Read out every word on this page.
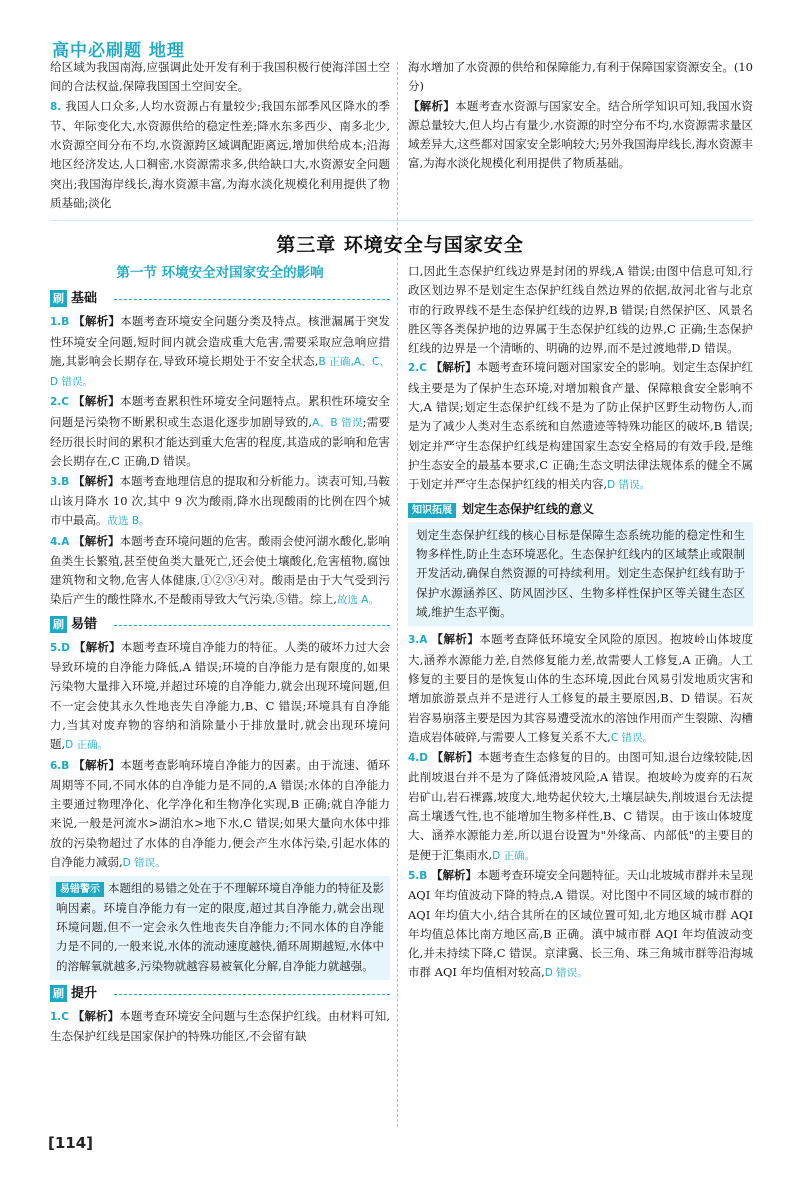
高中必刷题 地理
给区域为我国南海,应强调此处开发有利于我国积极行使海洋国土空间的合法权益,保障我国国土空间安全。
8. 我国人口众多,人均水资源占有量较少;我国东部季风区降水的季节、年际变化大,水资源供给的稳定性差;降水东多西少、南多北少,水资源空间分布不均,水资源跨区域调配距离远,增加供给成本;沿海地区经济发达,人口稠密,水资源需求多,供给缺口大,水资源安全问题突出;我国海岸线长,海水资源丰富,为海水淡化规模化利用提供了物质基础;淡化
海水增加了水资源的供给和保障能力,有利于保障国家资源安全。(10 分)
【解析】本题考查水资源与国家安全。结合所学知识可知,我国水资源总量较大,但人均占有量少,水资源的时空分布不均,水资源需求量区域差异大,这些都对国家安全影响较大;另外我国海岸线长,海水资源丰富,为海水淡化规模化利用提供了物质基础。
第三章 环境安全与国家安全
第一节 环境安全对国家安全的影响
刷 基础
1.B 【解析】本题考查环境安全问题分类及特点。核泄漏属于突发性环境安全问题,短时间内就会造成重大危害,需要采取应急响应措施,其影响会长期存在,导致环境长期处于不安全状态,B 正确,A、C、D 错误。
2.C 【解析】本题考查累积性环境安全问题特点。累积性环境安全问题是污染物不断累积或生态退化逐步加剧导致的,A、B 错误;需要经历很长时间的累积才能达到重大危害的程度,其造成的影响和危害会长期存在,C 正确,D 错误。
3.B 【解析】本题考查地理信息的提取和分析能力。读表可知,马鞍山该月降水 10 次,其中 9 次为酸雨,降水出现酸雨的比例在四个城市中最高。故选 B。
4.A 【解析】本题考查环境问题的危害。酸雨会使河湖水酸化,影响鱼类生长繁殖,甚至使鱼类大量死亡,还会使土壤酸化,危害植物,腐蚀建筑物和文物,危害人体健康,①②③④对。酸雨是由于大气受到污染后产生的酸性降水,不是酸雨导致大气污染,⑤错。综上,故选 A。
刷 易错
5.D 【解析】本题考查环境自净能力的特征。人类的破坏力过大会导致环境的自净能力降低,A 错误;环境的自净能力是有限度的,如果污染物大量排入环境,并超过环境的自净能力,就会出现环境问题,但不一定会使其永久性地丧失自净能力,B、C 错误;环境具有自净能力,当其对废弃物的容纳和消除量小于排放量时,就会出现环境问题,D 正确。
6.B 【解析】本题考查影响环境自净能力的因素。由于流速、循环周期等不同,不同水体的自净能力是不同的,A 错误;水体的自净能力主要通过物理净化、化学净化和生物净化实现,B 正确;就自净能力来说,一般是河流水>湖泊水>地下水,C 错误;如果大量向水体中排放的污染物超过了水体的自净能力,便会产生水体污染,引起水体的自净能力减弱,D 错误。
易错警示 本题组的易错之处在于不理解环境自净能力的特征及影响因素。环境自净能力有一定的限度,超过其自净能力,就会出现环境问题,但不一定会永久性地丧失自净能力;不同水体的自净能力是不同的,一般来说,水体的流动速度越快,循环周期越短,水体中的溶解氧就越多,污染物就越容易被氧化分解,自净能力就越强。
刷 提升
1.C 【解析】本题考查环境安全问题与生态保护红线。由材料可知,生态保护红线是国家保护的特殊功能区,不会留有缺
口,因此生态保护红线边界是封闭的界线,A 错误;由图中信息可知,行政区划边界不是划定生态保护红线自然边界的依据,故河北省与北京市的行政界线不是生态保护红线的边界,B 错误;自然保护区、风景名胜区等各类保护地的边界属于生态保护红线的边界,C 正确;生态保护红线的边界是一个清晰的、明确的边界,而不是过渡地带,D 错误。
2.C 【解析】本题考查环境问题对国家安全的影响。划定生态保护红线主要是为了保护生态环境,对增加粮食产量、保障粮食安全影响不大,A 错误;划定生态保护红线不是为了防止保护区野生动物伤人,而是为了减少人类对生态系统和自然遗迹等特殊功能区的破坏,B 错误;划定并严守生态保护红线是构建国家生态安全格局的有效手段,是维护生态安全的最基本要求,C 正确;生态文明法律法规体系的健全不属于划定并严守生态保护红线的相关内容,D 错误。
知识拓展 划定生态保护红线的意义
划定生态保护红线的核心目标是保障生态系统功能的稳定性和生物多样性,防止生态环境恶化。生态保护红线内的区域禁止或限制开发活动,确保自然资源的可持续利用。划定生态保护红线有助于保护水源涵养区、防风固沙区、生物多样性保护区等关键生态区域,维护生态平衡。
3.A 【解析】本题考查降低环境安全风险的原因。抱坡岭山体坡度大,涵养水源能力差,自然修复能力差,故需要人工修复,A 正确。人工修复的主要目的是恢复山体的生态环境,因此台风易引发地质灾害和增加旅游景点并不是进行人工修复的最主要原因,B、D 错误。石灰岩容易崩落主要是因为其容易遭受流水的溶蚀作用而产生裂隙、沟槽造成岩体破碎,与需要人工修复关系不大,C 错误。
4.D 【解析】本题考查生态修复的目的。由图可知,退台边缘较陡,因此削坡退台并不是为了降低滑坡风险,A 错误。抱坡岭为废弃的石灰岩矿山,岩石裸露,坡度大,地势起伏较大,土壤层缺失,削坡退台无法提高土壤透气性,也不能增加生物多样性,B、C 错误。由于该山体坡度大、涵养水源能力差,所以退台设置为"外缘高、内部低"的主要目的是便于汇集雨水,D 正确。
5.B 【解析】本题考查环境安全问题特征。天山北坡城市群并未呈现 AQI 年均值波动下降的特点,A 错误。对比图中不同区域的城市群的 AQI 年均值大小,结合其所在的区域位置可知,北方地区城市群 AQI 年均值总体比南方地区高,B 正确。滇中城市群 AQI 年均值波动变化,并未持续下降,C 错误。京津冀、长三角、珠三角城市群等沿海城市群 AQI 年均值相对较高,D 错误。
[114]
